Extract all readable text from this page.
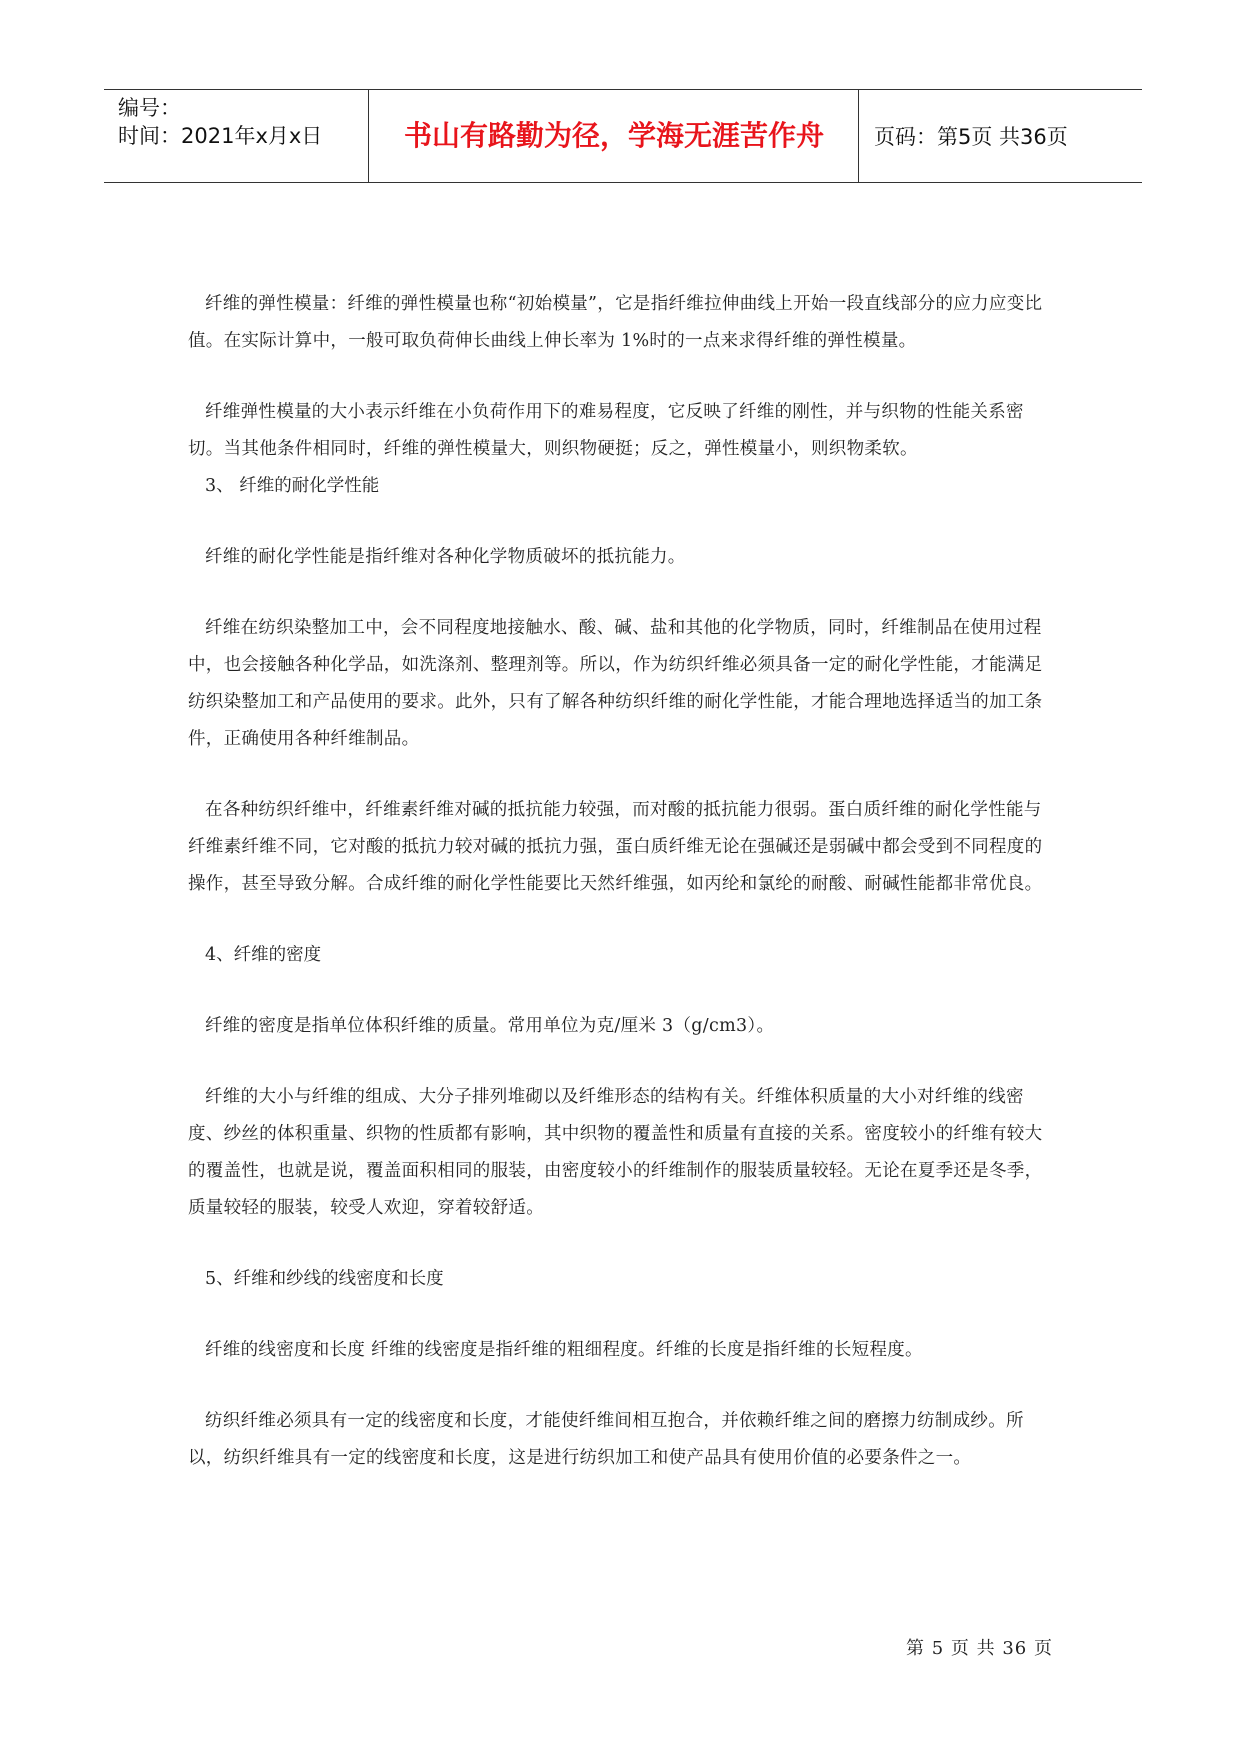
编号：
时间：2021年x月x日	书山有路勤为径，学海无涯苦作舟	页码：第5页 共36页

纤维的弹性模量：纤维的弹性模量也称“初始模量”，它是指纤维拉伸曲线上开始一段直线部分的应力应变比值。在实际计算中，一般可取负荷伸长曲线上伸长率为 1%时的一点来求得纤维的弹性模量。

纤维弹性模量的大小表示纤维在小负荷作用下的难易程度，它反映了纤维的刚性，并与织物的性能关系密切。当其他条件相同时，纤维的弹性模量大，则织物硬挺；反之，弹性模量小，则织物柔软。

3、 纤维的耐化学性能

纤维的耐化学性能是指纤维对各种化学物质破坏的抵抗能力。

纤维在纺织染整加工中，会不同程度地接触水、酸、碱、盐和其他的化学物质，同时，纤维制品在使用过程中，也会接触各种化学品，如洗涤剂、整理剂等。所以，作为纺织纤维必须具备一定的耐化学性能，才能满足纺织染整加工和产品使用的要求。此外，只有了解各种纺织纤维的耐化学性能，才能合理地选择适当的加工条件，正确使用各种纤维制品。

在各种纺织纤维中，纤维素纤维对碱的抵抗能力较强，而对酸的抵抗能力很弱。蛋白质纤维的耐化学性能与纤维素纤维不同，它对酸的抵抗力较对碱的抵抗力强，蛋白质纤维无论在强碱还是弱碱中都会受到不同程度的操作，甚至导致分解。合成纤维的耐化学性能要比天然纤维强，如丙纶和氯纶的耐酸、耐碱性能都非常优良。

4、纤维的密度

纤维的密度是指单位体积纤维的质量。常用单位为克/厘米 3（g/cm3）。

纤维的大小与纤维的组成、大分子排列堆砌以及纤维形态的结构有关。纤维体积质量的大小对纤维的线密度、纱丝的体积重量、织物的性质都有影响，其中织物的覆盖性和质量有直接的关系。密度较小的纤维有较大的覆盖性，也就是说，覆盖面积相同的服装，由密度较小的纤维制作的服装质量较轻。无论在夏季还是冬季，质量较轻的服装，较受人欢迎，穿着较舒适。

5、纤维和纱线的线密度和长度

纤维的线密度和长度 纤维的线密度是指纤维的粗细程度。纤维的长度是指纤维的长短程度。

纺织纤维必须具有一定的线密度和长度，才能使纤维间相互抱合，并依赖纤维之间的磨擦力纺制成纱。所以，纺织纤维具有一定的线密度和长度，这是进行纺织加工和使产品具有使用价值的必要条件之一。

第 5 页 共 36 页
